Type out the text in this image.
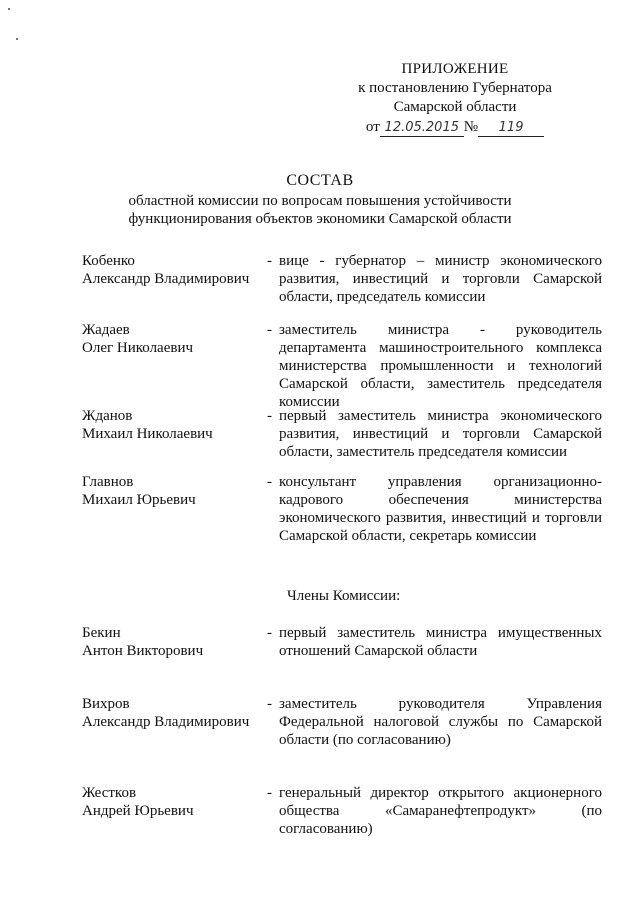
ПРИЛОЖЕНИЕ
к постановлению Губернатора
Самарской области
от 12.05.2015 №	119
СОСТАВ
областной комиссии по вопросам повышения устойчивости
функционирования объектов экономики Самарской области
Кобенко
Александр Владимирович
- вице - губернатор – министр экономического развития, инвестиций и торговли Самарской области, председатель комиссии
Жадаев
Олег Николаевич
- заместитель министра - руководитель департамента машиностроительного комплекса министерства промышленности и технологий Самарской области, заместитель председателя комиссии
Жданов
Михаил Николаевич
- первый заместитель министра экономического развития, инвестиций и торговли Самарской области, заместитель председателя комиссии
Главнов
Михаил Юрьевич
- консультант управления организационно-кадрового обеспечения министерства экономического развития, инвестиций и торговли Самарской области, секретарь комиссии
Бекин
Антон Викторович
- первый заместитель министра имущественных отношений Самарской области
Вихров
Александр Владимирович
- заместитель руководителя Управления Федеральной налоговой службы по Самарской области (по согласованию)
Жестков
Андрей Юрьевич
- генеральный директор открытого акционерного общества «Самаранефтепродукт» (по согласованию)
Члены Комиссии:
